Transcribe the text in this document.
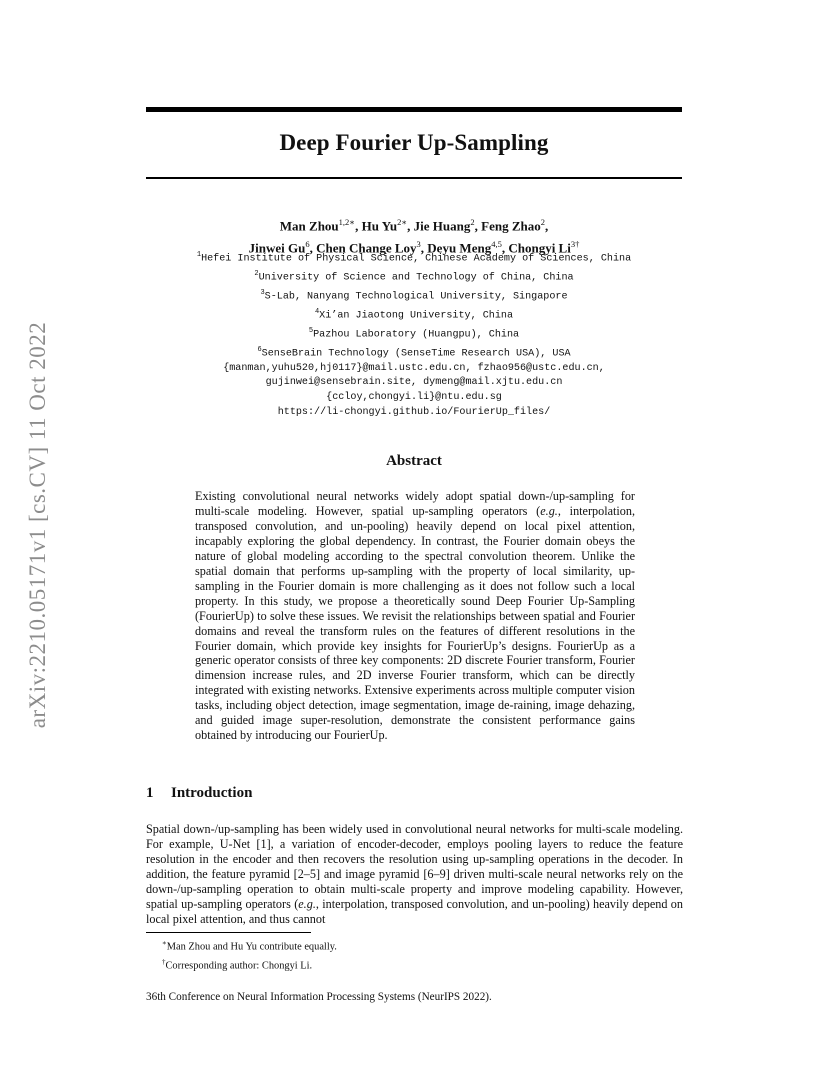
arXiv:2210.05171v1 [cs.CV] 11 Oct 2022
Deep Fourier Up-Sampling
Man Zhou$^{1,2∗}$, Hu $Yu^{2∗}$, Jie Huang$^2$, Feng Zhao$^2$,
Jinwei Gu$^6$, Chen Change Loy$^3$, Deyu Meng$^{4,5}$, Chongyi $Li^{3\dagger}$
$^1$Hefei Institute of Physical Science, Chinese Academy of Sciences, China
$^2$University of Science and Technology of China, China
$^3$S-Lab, Nanyang Technological University, Singapore
$^4$Xi’an Jiaotong University, China
$^5$Pazhou Laboratory (Huangpu), China
$^6$SenseBrain Technology (SenseTime Research USA), USA
{manman,yuhu520,hj0117}@mail.ustc.edu.cn, fzhao956@ustc.edu.cn,
gujinwei@sensebrain.site, dymeng@mail.xjtu.edu.cn
{ccloy,chongyi.li}@ntu.edu.sg
https://li-chongyi.github.io/FourierUp_files/
Abstract
Existing convolutional neural networks widely adopt spatial down-/up-sampling for multi-scale modeling. However, spatial up-sampling operators (e.g., interpolation, transposed convolution, and un-pooling) heavily depend on local pixel attention, incapably exploring the global dependency. In contrast, the Fourier domain obeys the nature of global modeling according to the spectral convolution theorem. Unlike the spatial domain that performs up-sampling with the property of local similarity, up-sampling in the Fourier domain is more challenging as it does not follow such a local property. In this study, we propose a theoretically sound Deep Fourier Up-Sampling (FourierUp) to solve these issues. We revisit the relationships between spatial and Fourier domains and reveal the transform rules on the features of different resolutions in the Fourier domain, which provide key insights for FourierUp’s designs. FourierUp as a generic operator consists of three key components: 2D discrete Fourier transform, Fourier dimension increase rules, and 2D inverse Fourier transform, which can be directly integrated with existing networks. Extensive experiments across multiple computer vision tasks, including object detection, image segmentation, image de-raining, image dehazing, and guided image super-resolution, demonstrate the consistent performance gains obtained by introducing our FourierUp.
1 Introduction
Spatial down-/up-sampling has been widely used in convolutional neural networks for multi-scale modeling. For example, U-Net [1], a variation of encoder-decoder, employs pooling layers to reduce the feature resolution in the encoder and then recovers the resolution using up-sampling operations in the decoder. In addition, the feature pyramid [2–5] and image pyramid [6–9] driven multi-scale neural networks rely on the down-/up-sampling operation to obtain multi-scale property and improve modeling capability. However, spatial up-sampling operators (e.g., interpolation, transposed convolution, and un-pooling) heavily depend on local pixel attention, and thus cannot
∗Man Zhou and Hu Yu contribute equally.
†Corresponding author: Chongyi Li.
36th Conference on Neural Information Processing Systems (NeurIPS 2022).
